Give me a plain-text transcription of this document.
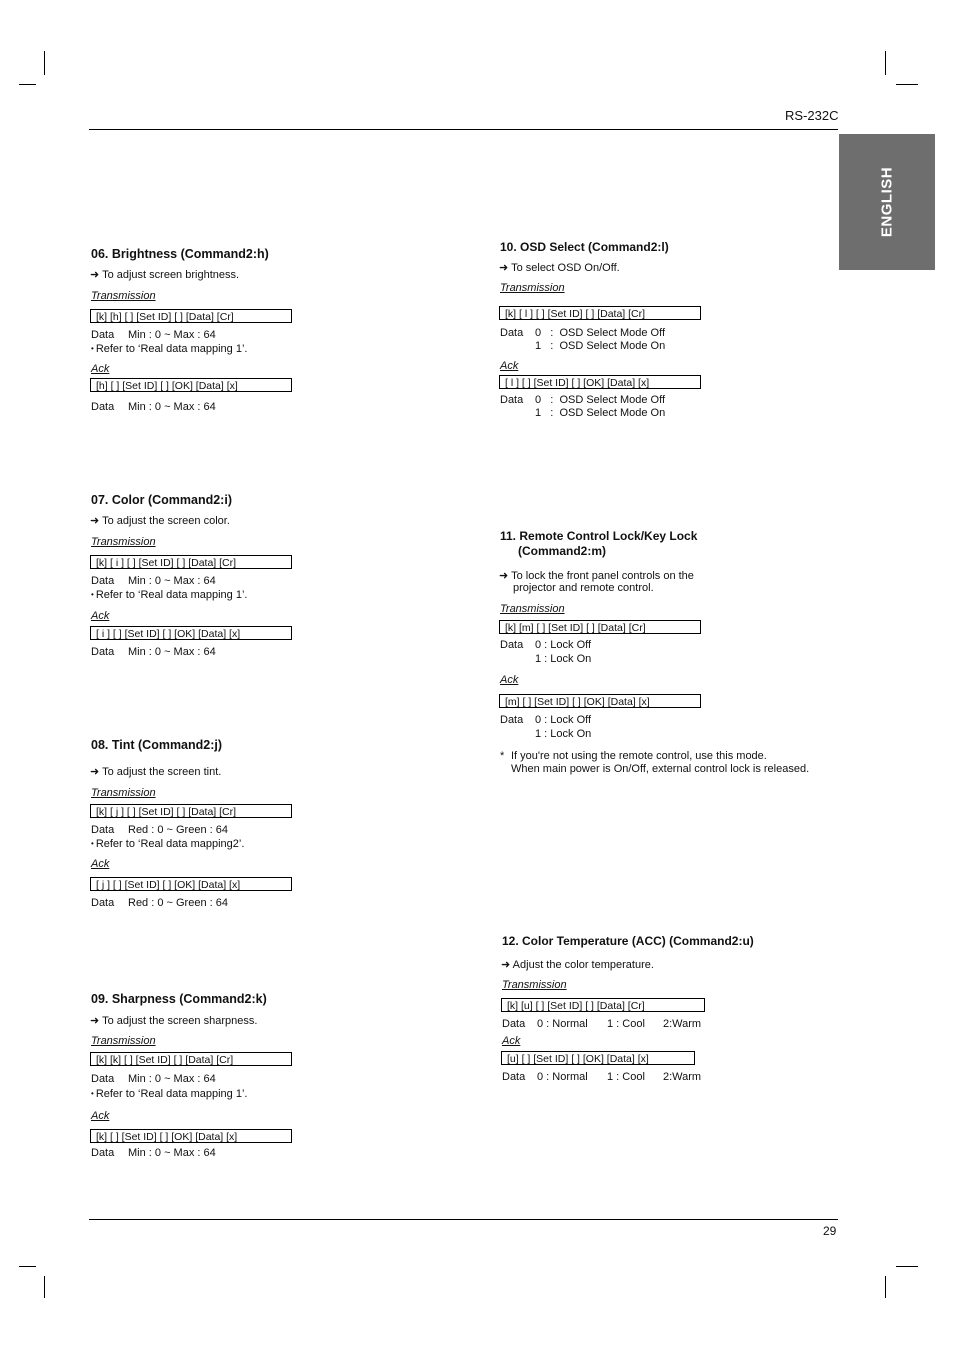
RS-232C
ENGLISH
06. Brightness (Command2:h)
➜ To adjust screen brightness.
Transmission
[k] [h] [ ] [Set ID] [ ] [Data] [Cr]
Data Min : 0 ~ Max : 64
• Refer to ‘Real data mapping 1’.
Ack
[h] [ ] [Set ID] [ ] [OK] [Data] [x]
Data Min : 0 ~ Max : 64
07. Color (Command2:i)
➜ To adjust the screen color.
Transmission
[k] [ i ] [ ] [Set ID] [ ] [Data] [Cr]
Data Min : 0 ~ Max : 64
• Refer to ‘Real data mapping 1’.
Ack
[ i ] [ ] [Set ID] [ ] [OK] [Data] [x]
Data Min : 0 ~ Max : 64
08. Tint (Command2:j)
➜ To adjust the screen tint.
Transmission
[k] [ j ] [ ] [Set ID] [ ] [Data] [Cr]
Data Red : 0 ~ Green : 64
• Refer to ‘Real data mapping2’.
Ack
[ j ] [ ] [Set ID] [ ] [OK] [Data] [x]
Data Red : 0 ~ Green : 64
09. Sharpness (Command2:k)
➜ To adjust the screen sharpness.
Transmission
[k] [k] [ ] [Set ID] [ ] [Data] [Cr]
Data Min : 0 ~ Max : 64
• Refer to ‘Real data mapping 1’.
Ack
[k] [ ] [Set ID] [ ] [OK] [Data] [x]
Data Min : 0 ~ Max : 64
10. OSD Select (Command2:l)
➜ To select OSD On/Off.
Transmission
[k] [ l ] [ ] [Set ID] [ ] [Data] [Cr]
Data 0   :  OSD Select Mode Off
1   :  OSD Select Mode On
Ack
[ l ] [ ] [Set ID] [ ] [OK] [Data] [x]
Data 0   :  OSD Select Mode Off
1   :  OSD Select Mode On
11. Remote Control Lock/Key Lock
(Command2:m)
➜ To lock the front panel controls on the
projector and remote control.
Transmission
[k] [m] [ ] [Set ID] [ ] [Data] [Cr]
Data 0 : Lock Off
1 : Lock On
Ack
[m] [ ] [Set ID] [ ] [OK] [Data] [x]
Data 0 : Lock Off
1 : Lock On
* If you're not using the remote control, use this mode.
When main power is On/Off, external control lock is released.
12. Color Temperature (ACC) (Command2:u)
➜ Adjust the color temperature.
Transmission
[k] [u] [ ] [Set ID] [ ] [Data] [Cr]
Data 0 : Normal 1 : Cool 2:Warm
Ack
[u] [ ] [Set ID] [ ] [OK] [Data] [x]
Data 0 : Normal 1 : Cool 2:Warm
29
